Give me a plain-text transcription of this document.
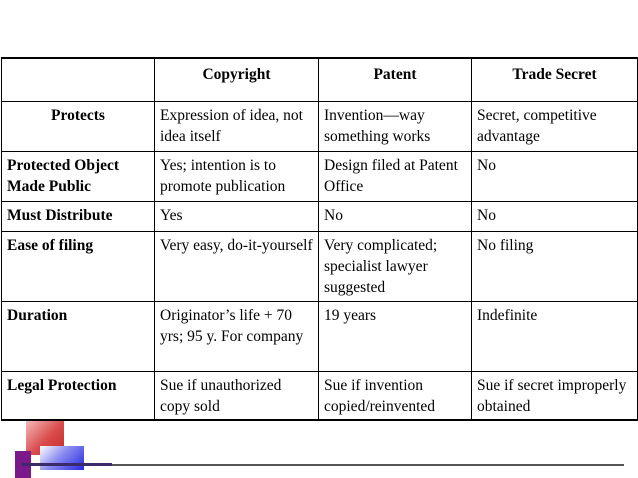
	Copyright	Patent	Trade Secret
Protects	Expression of idea, not idea itself	Invention—way something works	Secret, competitive advantage
Protected Object Made Public	Yes; intention is to promote publication	Design filed at Patent Office	No
Must Distribute	Yes	No	No
Ease of filing	Very easy, do-it-yourself	Very complicated; specialist lawyer suggested	No filing
Duration	Originator’s life + 70 yrs; 95 y. For company	19 years	Indefinite
Legal Protection	Sue if unauthorized copy sold	Sue if invention copied/reinvented	Sue if secret improperly obtained
